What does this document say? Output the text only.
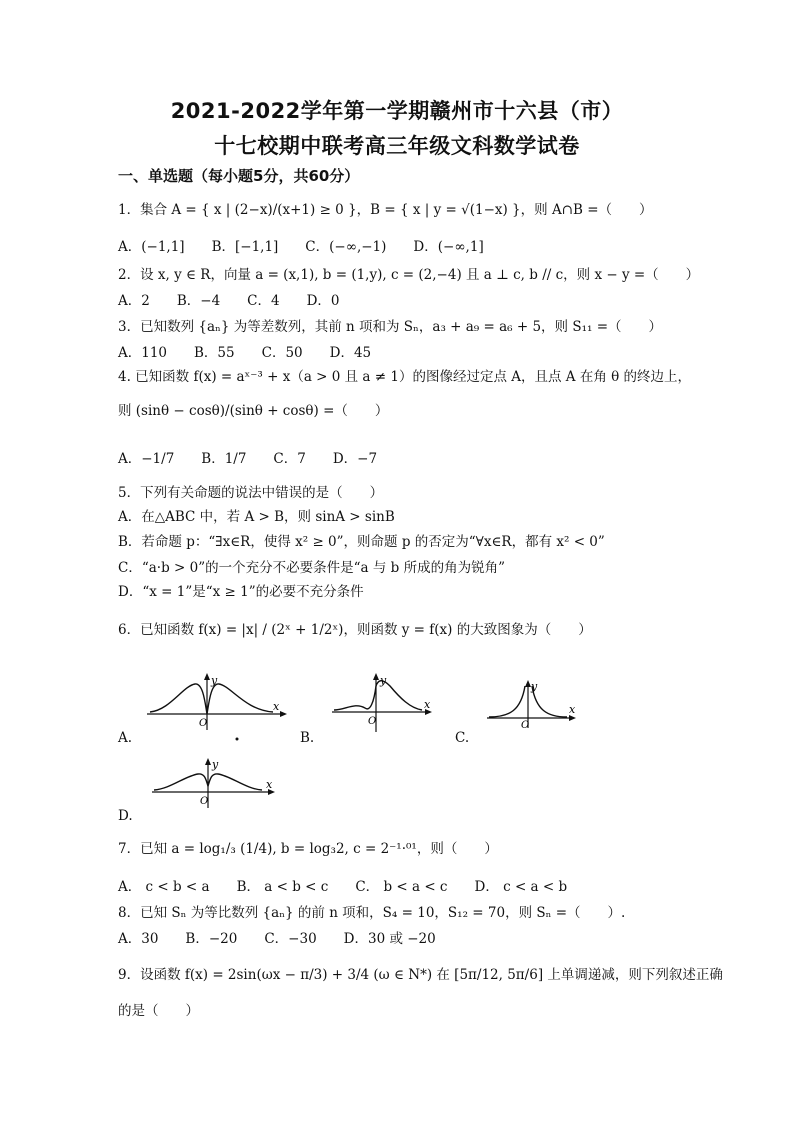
2021-2022学年第一学期赣州市十六县（市）
十七校期中联考高三年级文科数学试卷
一、单选题（每小题5分，共60分）
1．集合 A = { x | (2−x)/(x+1) ≥ 0 }，B = { x | y = √(1−x) }，则 A∩B =（　　）
A．(−1,1]　　B．[−1,1]　　C．(−∞,−1)　　D．(−∞,1]
2．设 x, y ∈ R，向量 a = (x,1), b = (1,y), c = (2,−4) 且 a ⊥ c, b // c，则 x − y =（　　）
A．2　　B．−4　　C．4　　D．0
3．已知数列 {aₙ} 为等差数列，其前 n 项和为 Sₙ，a₃ + a₉ = a₆ + 5，则 S₁₁ =（　　）
A．110　　B．55　　C．50　　D．45
4. 已知函数 f(x) = aˣ⁻³ + x（a > 0 且 a ≠ 1）的图像经过定点 A，且点 A 在角 θ 的终边上，
则 (sinθ − cosθ)/(sinθ + cosθ) =（　　）
A．−1/7　　B．1/7　　C．7　　D．−7
5．下列有关命题的说法中错误的是（　　）
A．在△ABC 中，若 A > B，则 sinA > sinB
B．若命题 p：“∃x∈R，使得 x² ≥ 0”，则命题 p 的否定为“∀x∈R，都有 x² < 0”
C．“a·b > 0”的一个充分不必要条件是“a 与 b 所成的角为锐角”
D．“x = 1”是“x ≥ 1”的必要不充分条件
6．已知函数 f(x) = |x| / (2ˣ + 1/2ˣ)，则函数 y = f(x) 的大致图象为（　　）
y
x
O
A.
y
x
O
B.
y
x
O
C.
y
x
O
D.
7．已知 a = log₁/₃ (1/4), b = log₃2, c = 2⁻¹·⁰¹，则（　　）
A． c < b < a　　B． a < b < c　　C． b < a < c　　D． c < a < b
8．已知 Sₙ 为等比数列 {aₙ} 的前 n 项和，S₄ = 10，S₁₂ = 70，则 Sₙ =（　　）.
A．30　　B．−20　　C．−30　　D．30 或 −20
9．设函数 f(x) = 2sin(ωx − π/3) + 3/4 (ω ∈ N*) 在 [5π/12, 5π/6] 上单调递减，则下列叙述正确
的是（　　）
